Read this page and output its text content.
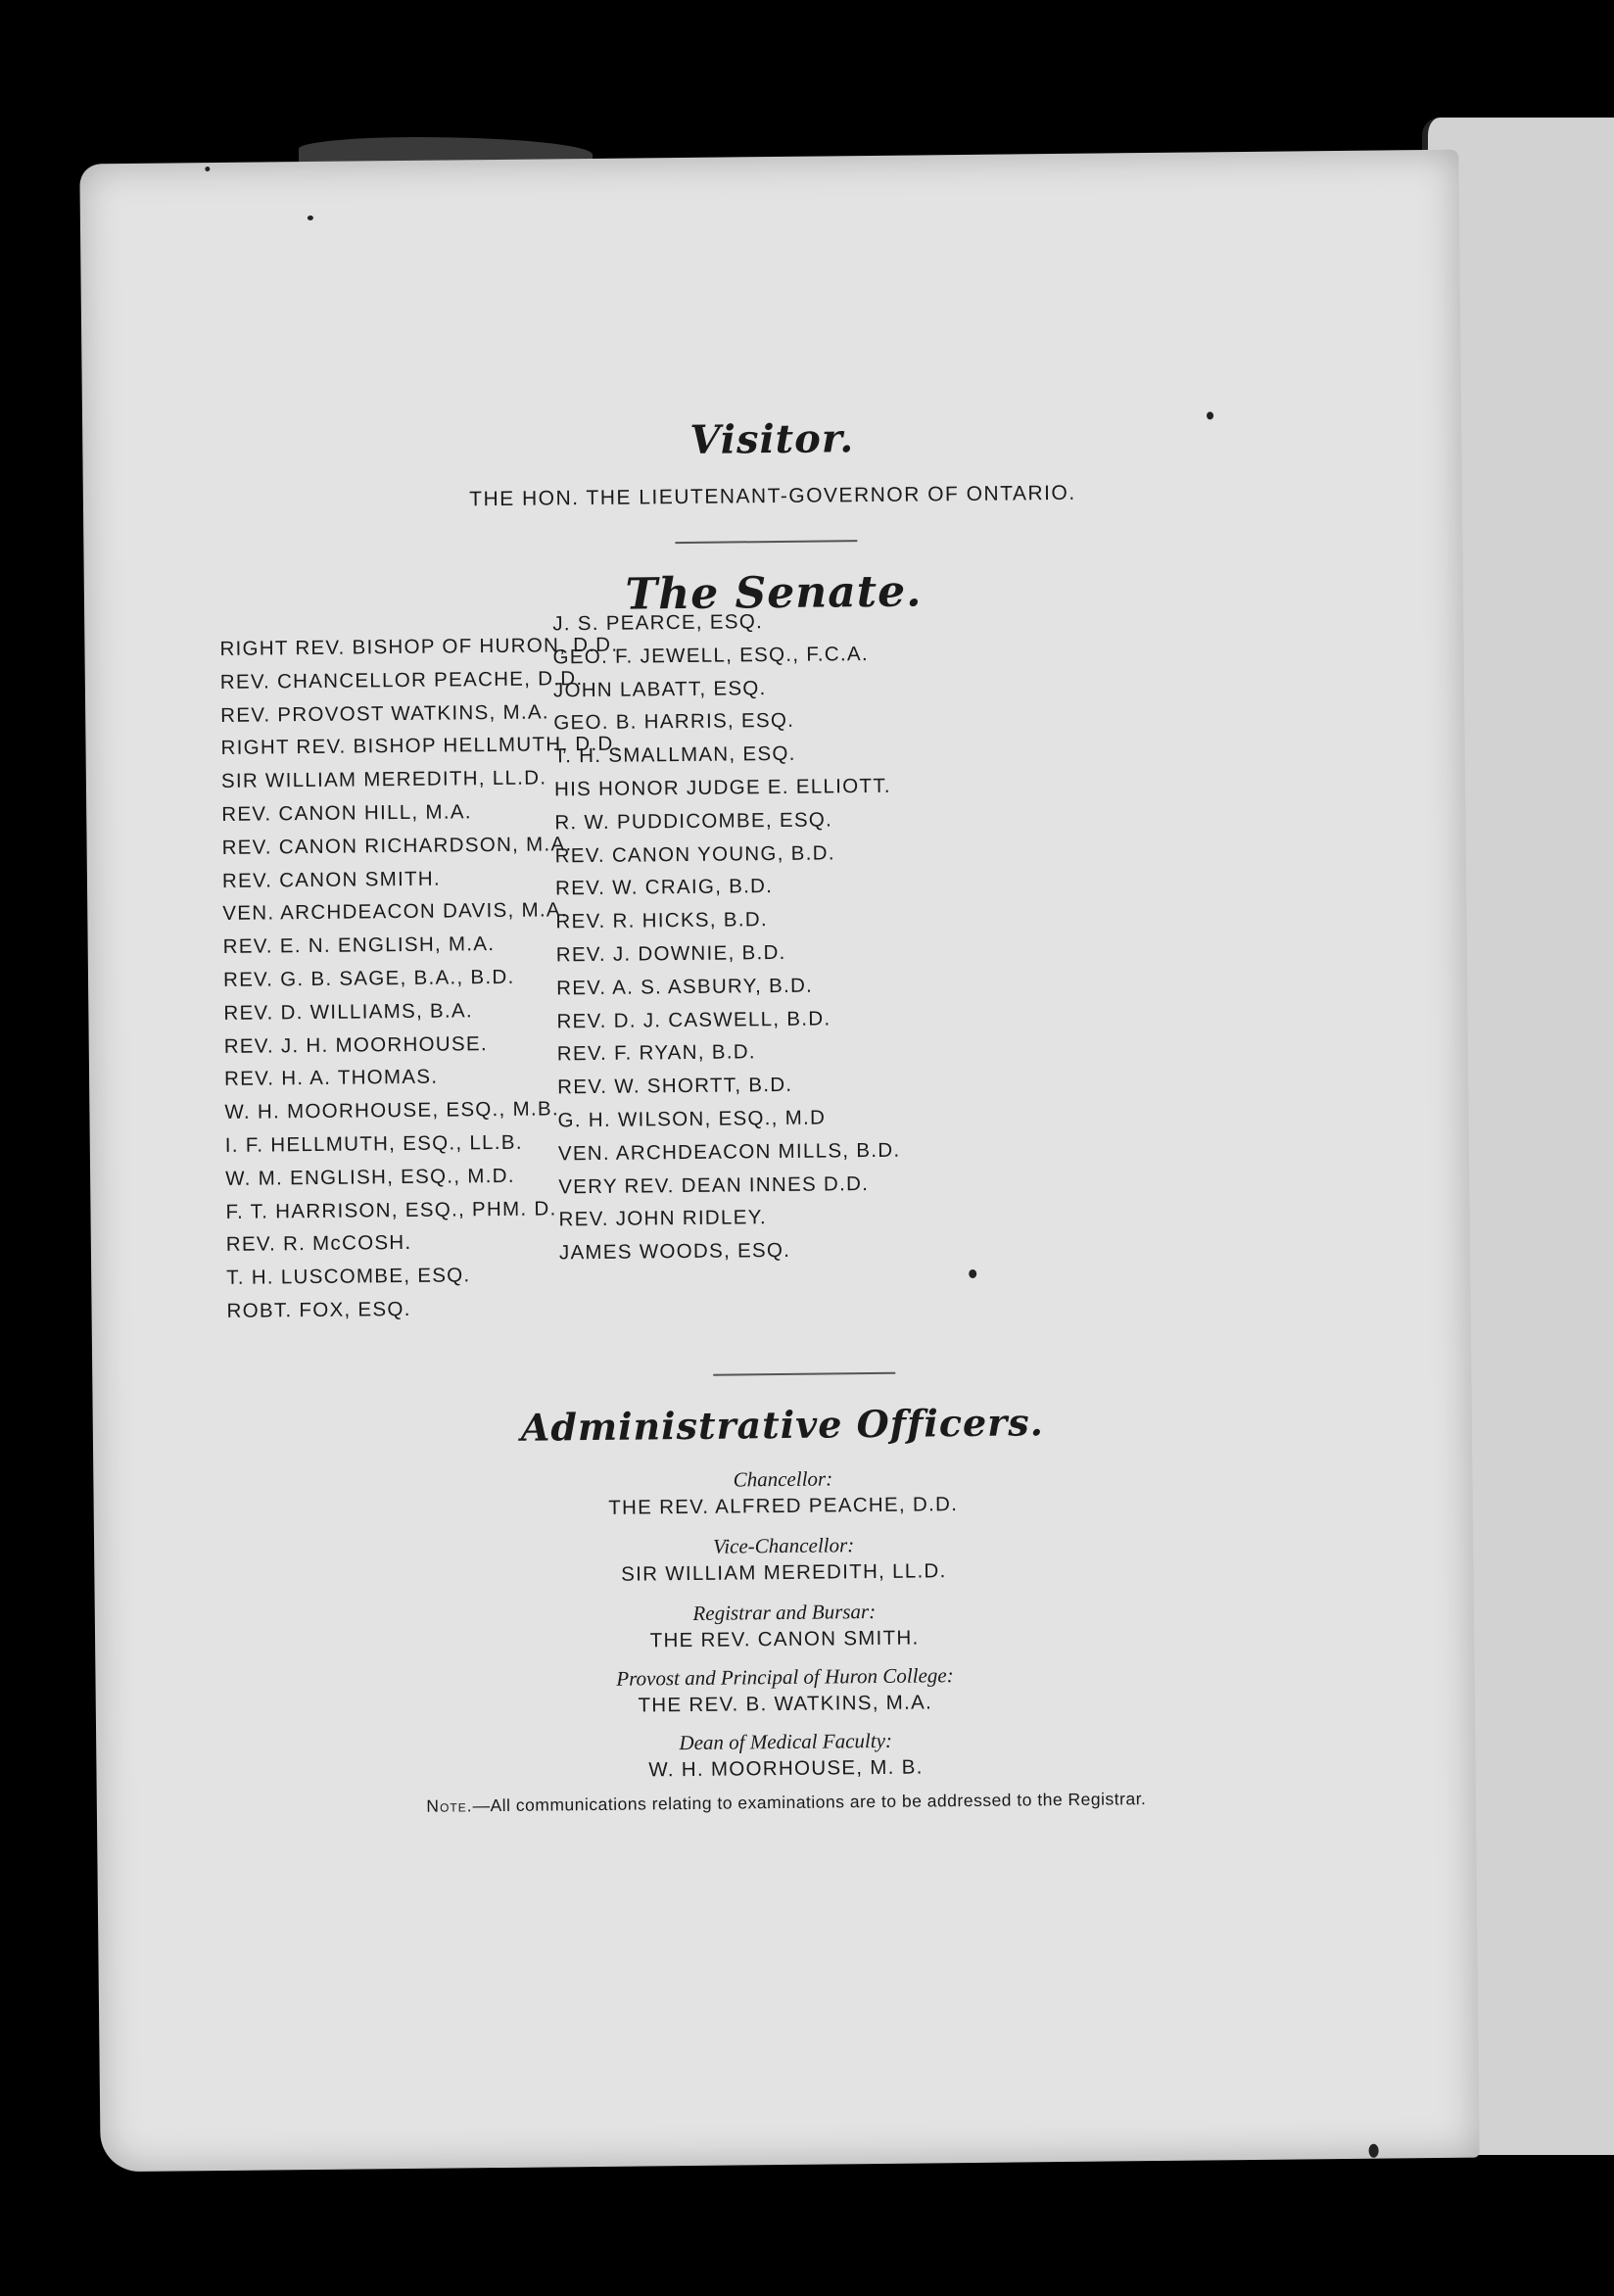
Visitor.
THE HON. THE LIEUTENANT-GOVERNOR OF ONTARIO.
The Senate.
RIGHT REV. BISHOP OF HURON, D.D.
REV. CHANCELLOR PEACHE, D.D.
REV. PROVOST WATKINS, M.A.
RIGHT REV. BISHOP HELLMUTH, D.D.
SIR WILLIAM MEREDITH, LL.D.
REV. CANON HILL, M.A.
REV. CANON RICHARDSON, M.A.
REV. CANON SMITH.
VEN. ARCHDEACON DAVIS, M.A.
REV. E. N. ENGLISH, M.A.
REV. G. B. SAGE, B.A., B.D.
REV. D. WILLIAMS, B.A.
REV. J. H. MOORHOUSE.
REV. H. A. THOMAS.
W. H. MOORHOUSE, ESQ., M.B.
I. F. HELLMUTH, ESQ., LL.B.
W. M. ENGLISH, ESQ., M.D.
F. T. HARRISON, ESQ., PHM. D.
REV. R. McCOSH.
T. H. LUSCOMBE, ESQ.
ROBT. FOX, ESQ.
J. S. PEARCE, ESQ.
GEO. F. JEWELL, ESQ., F.C.A.
JOHN LABATT, ESQ.
GEO. B. HARRIS, ESQ.
T. H. SMALLMAN, ESQ.
HIS HONOR JUDGE E. ELLIOTT.
R. W. PUDDICOMBE, ESQ.
REV. CANON YOUNG, B.D.
REV. W. CRAIG, B.D.
REV. R. HICKS, B.D.
REV. J. DOWNIE, B.D.
REV. A. S. ASBURY, B.D.
REV. D. J. CASWELL, B.D.
REV. F. RYAN, B.D.
REV. W. SHORTT, B.D.
G. H. WILSON, ESQ., M.D
VEN. ARCHDEACON MILLS, B.D.
VERY REV. DEAN INNES D.D.
REV. JOHN RIDLEY.
JAMES WOODS, ESQ.
Administrative Officers.
Chancellor:
THE REV. ALFRED PEACHE, D.D.
Vice-Chancellor:
SIR WILLIAM MEREDITH, LL.D.
Registrar and Bursar:
THE REV. CANON SMITH.
Provost and Principal of Huron College:
THE REV. B. WATKINS, M.A.
Dean of Medical Faculty:
W. H. MOORHOUSE, M. B.
Note.—All communications relating to examinations are to be addressed to the Registrar.
